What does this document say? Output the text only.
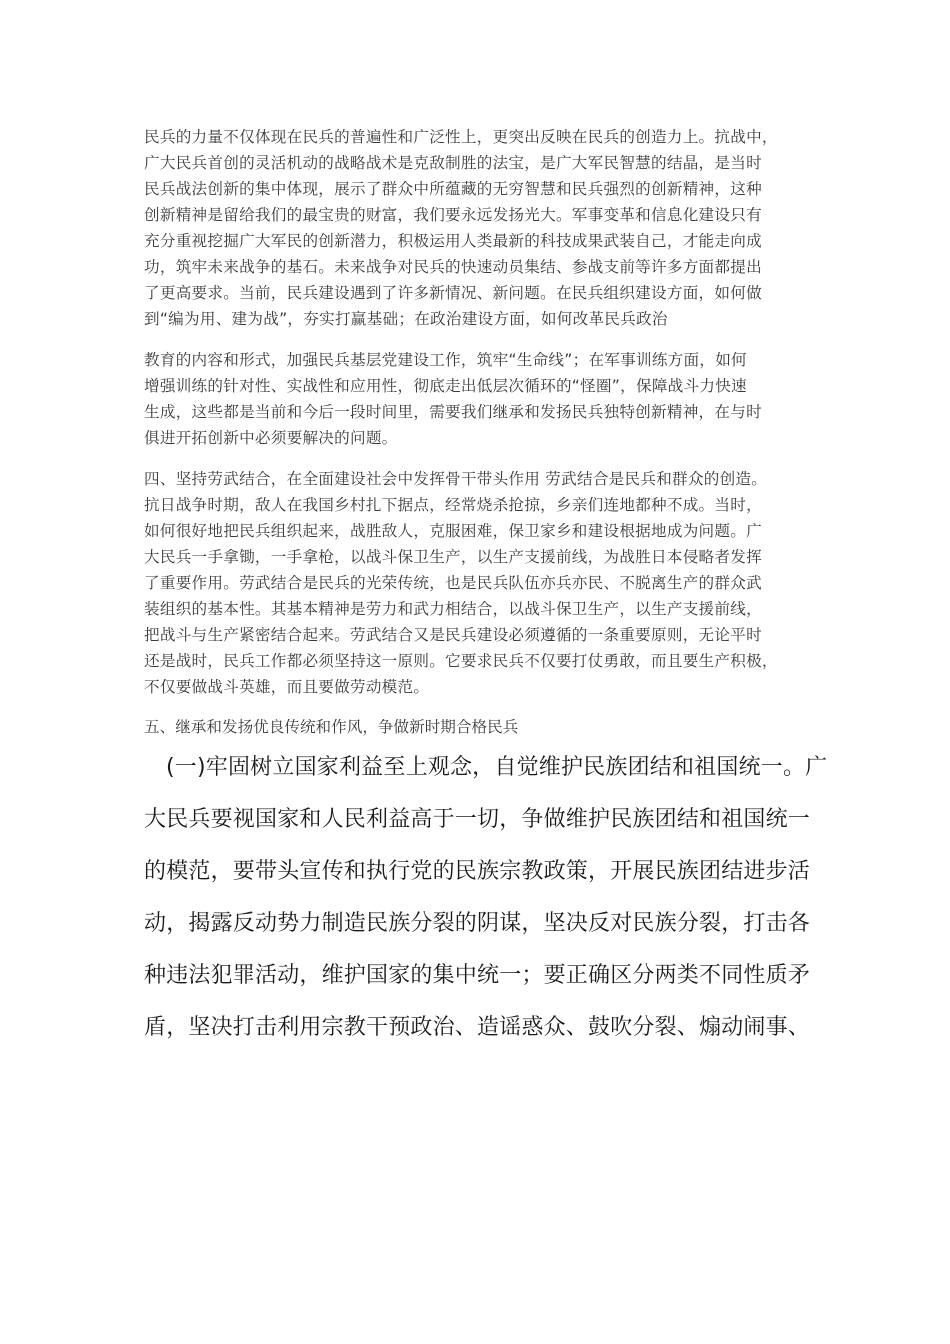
民兵的力量不仅体现在民兵的普遍性和广泛性上，更突出反映在民兵的创造力上。抗战中，
广大民兵首创的灵活机动的战略战术是克敌制胜的法宝，是广大军民智慧的结晶，是当时
民兵战法创新的集中体现，展示了群众中所蕴藏的无穷智慧和民兵强烈的创新精神，这种
创新精神是留给我们的最宝贵的财富，我们要永远发扬光大。军事变革和信息化建设只有
充分重视挖掘广大军民的创新潜力，积极运用人类最新的科技成果武装自己，才能走向成
功，筑牢未来战争的基石。未来战争对民兵的快速动员集结、参战支前等许多方面都提出
了更高要求。当前，民兵建设遇到了许多新情况、新问题。在民兵组织建设方面，如何做
到“编为用、建为战”，夯实打赢基础；在政治建设方面，如何改革民兵政治

教育的内容和形式，加强民兵基层党建设工作，筑牢“生命线”；在军事训练方面，如何
增强训练的针对性、实战性和应用性，彻底走出低层次循环的“怪圈”，保障战斗力快速
生成，这些都是当前和今后一段时间里，需要我们继承和发扬民兵独特创新精神，在与时
俱进开拓创新中必须要解决的问题。

四、坚持劳武结合，在全面建设社会中发挥骨干带头作用 劳武结合是民兵和群众的创造。
抗日战争时期，敌人在我国乡村扎下据点，经常烧杀抢掠，乡亲们连地都种不成。当时，
如何很好地把民兵组织起来，战胜敌人，克服困难，保卫家乡和建设根据地成为问题。广
大民兵一手拿锄，一手拿枪，以战斗保卫生产，以生产支援前线，为战胜日本侵略者发挥
了重要作用。劳武结合是民兵的光荣传统，也是民兵队伍亦兵亦民、不脱离生产的群众武
装组织的基本性。其基本精神是劳力和武力相结合，以战斗保卫生产，以生产支援前线，
把战斗与生产紧密结合起来。劳武结合又是民兵建设必须遵循的一条重要原则，无论平时
还是战时，民兵工作都必须坚持这一原则。它要求民兵不仅要打仗勇敢，而且要生产积极，
不仅要做战斗英雄，而且要做劳动模范。

五、继承和发扬优良传统和作风，争做新时期合格民兵

(一)牢固树立国家利益至上观念，自觉维护民族团结和祖国统一。广
大民兵要视国家和人民利益高于一切，争做维护民族团结和祖国统一
的模范，要带头宣传和执行党的民族宗教政策，开展民族团结进步活
动，揭露反动势力制造民族分裂的阴谋，坚决反对民族分裂，打击各
种违法犯罪活动，维护国家的集中统一；要正确区分两类不同性质矛
盾，坚决打击利用宗教干预政治、造谣惑众、鼓吹分裂、煽动闹事、
